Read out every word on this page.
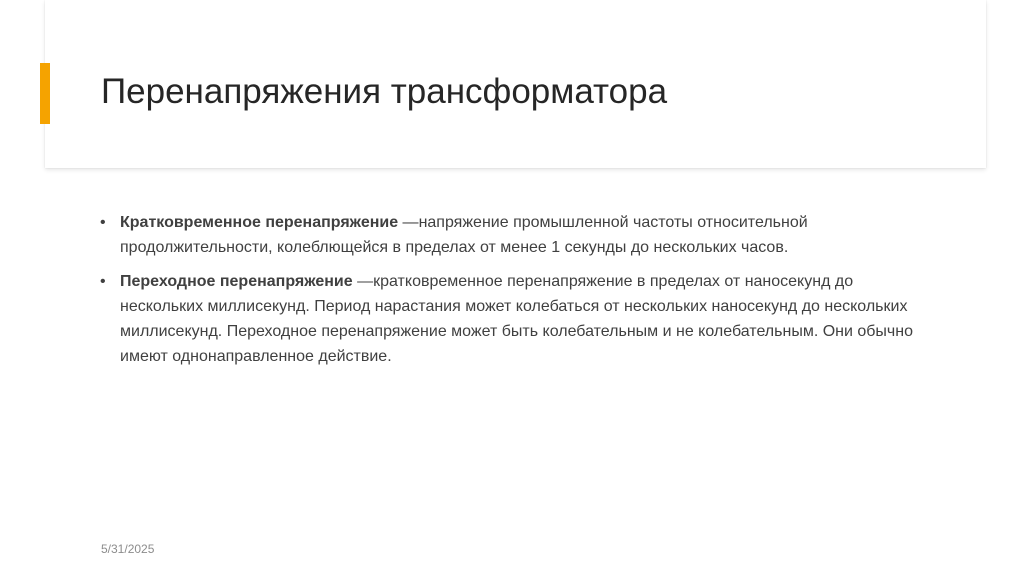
Перенапряжения трансформатора
• Кратковременное перенапряжение —напряжение промышленной частоты относительной продолжительности, колеблющейся в пределах от менее 1 секунды до нескольких часов.
• Переходное перенапряжение —кратковременное перенапряжение в пределах от наносекунд до нескольких миллисекунд. Период нарастания может колебаться от нескольких наносекунд до нескольких миллисекунд. Переходное перенапряжение может быть колебательным и не колебательным. Они обычно имеют однонаправленное действие.
5/31/2025
